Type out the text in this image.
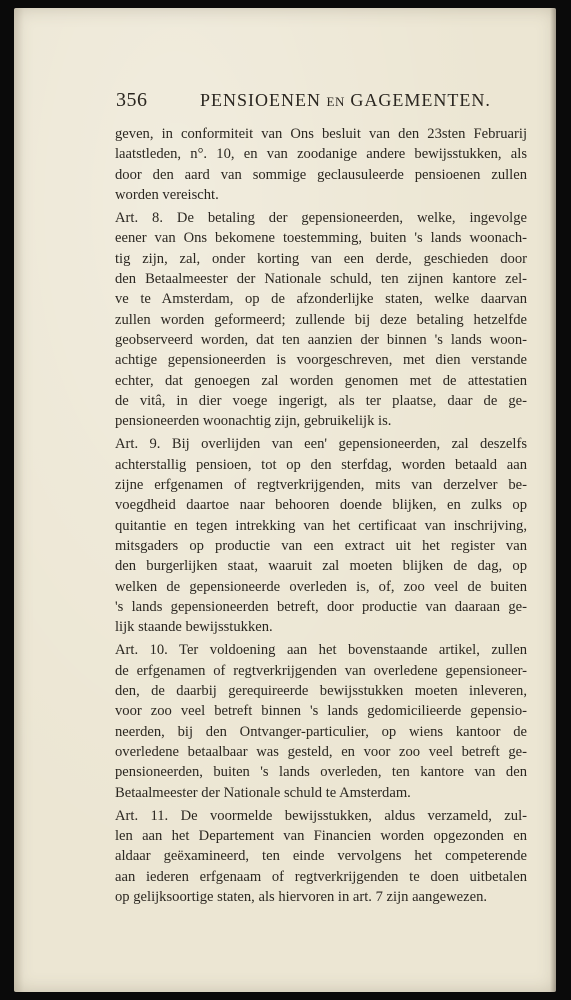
356	PENSIOENEN EN GAGEMENTEN.
geven, in conformiteit van Ons besluit van den 23sten Februarij
laatstleden, n°. 10, en van zoodanige andere bewijsstukken, als
door den aard van sommige geclausuleerde pensioenen zullen
worden vereischt.
Art. 8. De betaling der gepensioneerden, welke, ingevolge
eener van Ons bekomene toestemming, buiten 's lands woonach-
tig zijn, zal, onder korting van een derde, geschieden door
den Betaalmeester der Nationale schuld, ten zijnen kantore zel-
ve te Amsterdam, op de afzonderlijke staten, welke daarvan
zullen worden geformeerd; zullende bij deze betaling hetzelfde
geobserveerd worden, dat ten aanzien der binnen 's lands woon-
achtige gepensioneerden is voorgeschreven, met dien verstande
echter, dat genoegen zal worden genomen met de attestatien
de vitâ, in dier voege ingerigt, als ter plaatse, daar de ge-
pensioneerden woonachtig zijn, gebruikelijk is.
Art. 9. Bij overlijden van een' gepensioneerden, zal deszelfs
achterstallig pensioen, tot op den sterfdag, worden betaald aan
zijne erfgenamen of regtverkrijgenden, mits van derzelver be-
voegdheid daartoe naar behooren doende blijken, en zulks op
quitantie en tegen intrekking van het certificaat van inschrijving,
mitsgaders op productie van een extract uit het register van
den burgerlijken staat, waaruit zal moeten blijken de dag, op
welken de gepensioneerde overleden is, of, zoo veel de buiten
's lands gepensioneerden betreft, door productie van daaraan ge-
lijk staande bewijsstukken.
Art. 10. Ter voldoening aan het bovenstaande artikel, zullen
de erfgenamen of regtverkrijgenden van overledene gepensioneer-
den, de daarbij gerequireerde bewijsstukken moeten inleveren,
voor zoo veel betreft binnen 's lands gedomicilieerde gepensio-
neerden, bij den Ontvanger-particulier, op wiens kantoor de
overledene betaalbaar was gesteld, en voor zoo veel betreft ge-
pensioneerden, buiten 's lands overleden, ten kantore van den
Betaalmeester der Nationale schuld te Amsterdam.
Art. 11. De voormelde bewijsstukken, aldus verzameld, zul-
len aan het Departement van Financien worden opgezonden en
aldaar geëxamineerd, ten einde vervolgens het competerende
aan iederen erfgenaam of regtverkrijgenden te doen uitbetalen
op gelijksoortige staten, als hiervoren in art. 7 zijn aangewezen.
